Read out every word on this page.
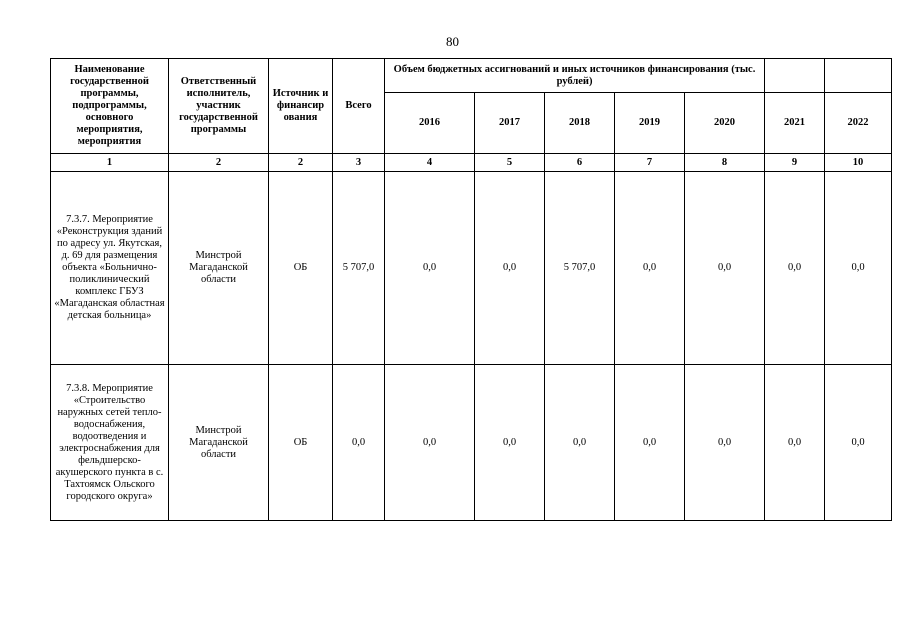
80
Наименование государственной программы, подпрограммы, основного мероприятия, мероприятия	Ответственный исполнитель, участник государственной программы	Источник и финансир ования	Всего	Объем бюджетных ассигнований и иных источников финансирования (тыс. рублей)						
				2016	2017	2018	2019	2020	2021	2022
1	2	2	3	4	5	6	7	8	9	10
7.3.7. Мероприятие «Реконструкция зданий по адресу ул. Якутская, д. 69 для размещения объекта «Больнично-поликлинический комплекс ГБУЗ «Магаданская областная детская больница»	Минстрой Магаданской области	ОБ	5 707,0	0,0	0,0	5 707,0	0,0	0,0	0,0	0,0
7.3.8. Мероприятие «Строительство наружных сетей тепло-водоснабжения, водоотведения и электроснабжения для фельдшерско-акушерского пункта в с. Тахтоямск Ольского городского округа»	Минстрой Магаданской области	ОБ	0,0	0,0	0,0	0,0	0,0	0,0	0,0	0,0
